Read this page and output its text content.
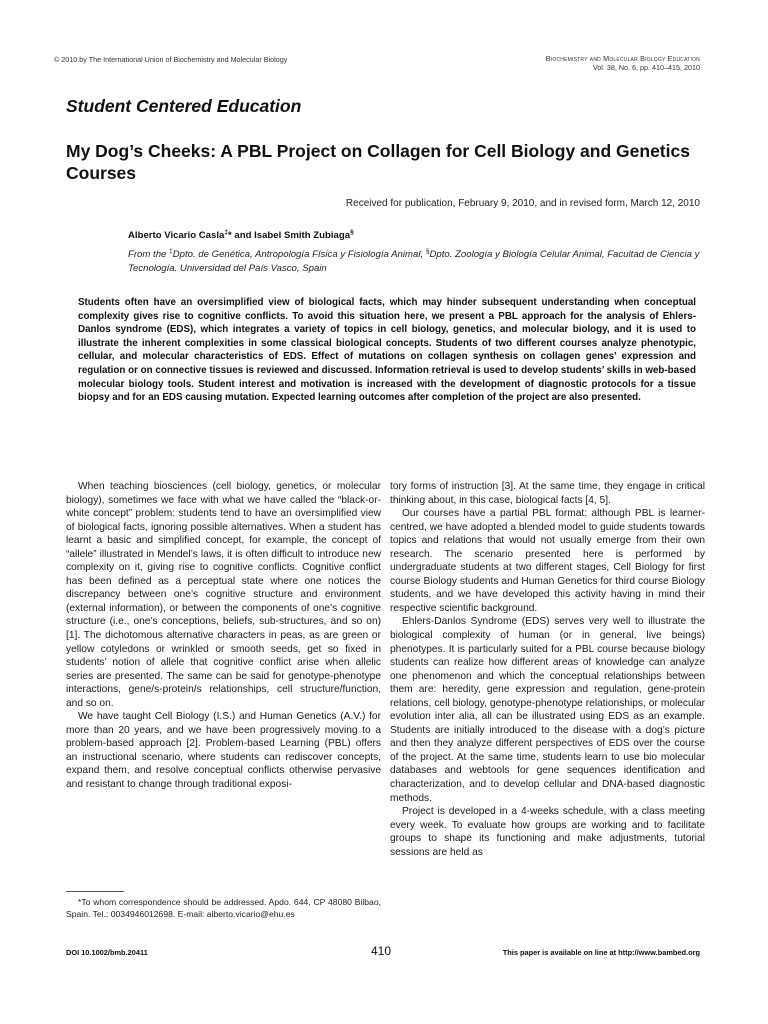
© 2010 by The International Union of Biochemistry and Molecular Biology	Biochemistry and Molecular Biology Education
Vol. 38, No. 6, pp. 410–415, 2010
Student Centered Education
My Dog’s Cheeks: A PBL Project on Collagen for Cell Biology and Genetics Courses
Received for publication, February 9, 2010, and in revised form, March 12, 2010
Alberto Vicario Casla‡* and Isabel Smith Zubiaga§
From the ‡Dpto. de Genética, Antropología Física y Fisiología Animal, §Dpto. Zoología y Biología Celular Animal, Facultad de Ciencia y Tecnología. Universidad del País Vasco, Spain
Students often have an oversimplified view of biological facts, which may hinder subsequent understanding when conceptual complexity gives rise to cognitive conflicts. To avoid this situation here, we present a PBL approach for the analysis of Ehlers-Danlos syndrome (EDS), which integrates a variety of topics in cell biology, genetics, and molecular biology, and it is used to illustrate the inherent complexities in some classical biological concepts. Students of two different courses analyze phenotypic, cellular, and molecular characteristics of EDS. Effect of mutations on collagen synthesis on collagen genes’ expression and regulation or on connective tissues is reviewed and discussed. Information retrieval is used to develop students’ skills in web-based molecular biology tools. Student interest and motivation is increased with the development of diagnostic protocols for a tissue biopsy and for an EDS causing mutation. Expected learning outcomes after completion of the project are also presented.

When teaching biosciences (cell biology, genetics, or molecular biology), sometimes we face with what we have called the “black-or-white concept” problem: students tend to have an oversimplified view of biological facts, ignoring possible alternatives. When a student has learnt a basic and simplified concept, for example, the concept of “allele” illustrated in Mendel’s laws, it is often difficult to introduce new complexity on it, giving rise to cognitive conflicts. Cognitive conflict has been defined as a perceptual state where one notices the discrepancy between one’s cognitive structure and environment (external information), or between the components of one’s cognitive structure (i.e., one’s conceptions, beliefs, sub-structures, and so on) [1]. The dichotomous alternative characters in peas, as are green or yellow cotyledons or wrinkled or smooth seeds, get so fixed in students’ notion of allele that cognitive conflict arise when allelic series are presented. The same can be said for genotype-phenotype interactions, gene/s-protein/s relationships, cell structure/function, and so on.

We have taught Cell Biology (I.S.) and Human Genetics (A.V.) for more than 20 years, and we have been progressively moving to a problem-based approach [2]. Problem-based Learning (PBL) offers an instructional scenario, where students can rediscover concepts, expand them, and resolve conceptual conflicts otherwise pervasive and resistant to change through traditional exposi-

tory forms of instruction [3]. At the same time, they engage in critical thinking about, in this case, biological facts [4, 5].

Our courses have a partial PBL format: although PBL is learner-centred, we have adopted a blended model to guide students towards topics and relations that would not usually emerge from their own research. The scenario presented here is performed by undergraduate students at two different stages, Cell Biology for first course Biology students and Human Genetics for third course Biology students, and we have developed this activity having in mind their respective scientific background.

Ehlers-Danlos Syndrome (EDS) serves very well to illustrate the biological complexity of human (or in general, live beings) phenotypes. It is particularly suited for a PBL course because biology students can realize how different areas of knowledge can analyze one phenomenon and which the conceptual relationships between them are: heredity, gene expression and regulation, gene-protein relations, cell biology, genotype-phenotype relationships, or molecular evolution inter alia, all can be illustrated using EDS as an example. Students are initially introduced to the disease with a dog’s picture and then they analyze different perspectives of EDS over the course of the project. At the same time, students learn to use bio molecular databases and webtools for gene sequences identification and characterization, and to develop cellular and DNA-based diagnostic methods.

Project is developed in a 4-weeks schedule, with a class meeting every week. To evaluate how groups are working and to facilitate groups to shape its functioning and make adjustments, tutorial sessions are held as

*To whom correspondence should be addressed. Apdo. 644, CP 48080 Bilbao, Spain. Tel.: 0034946012698. E-mail: alberto.vicario@ehu.es
DOI 10.1002/bmb.20411	410	This paper is available on line at http://www.bambed.org
